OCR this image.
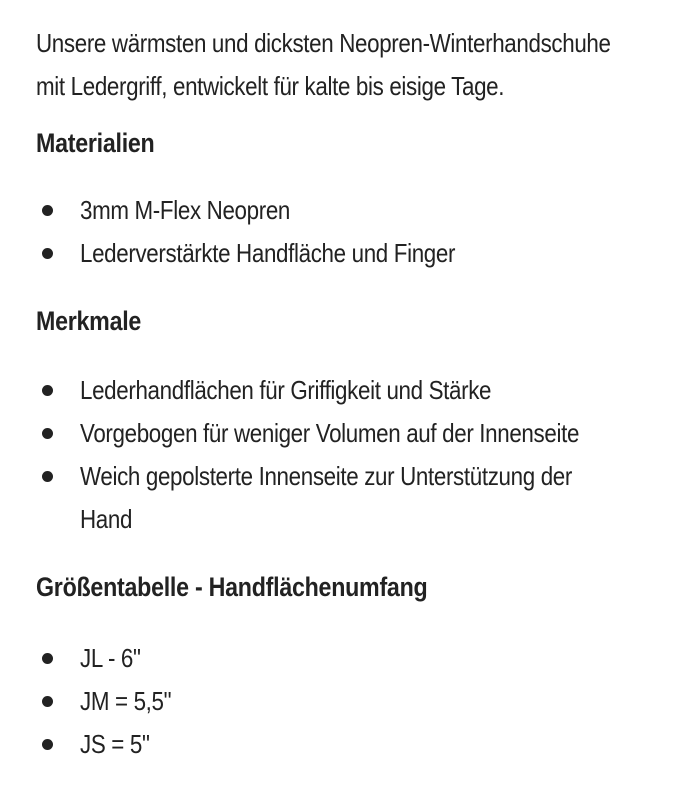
Unsere wärmsten und dicksten Neopren-Winterhandschuhe
mit Ledergriff, entwickelt für kalte bis eisige Tage.

Materialien
3mm M-Flex Neopren
Lederverstärkte Handfläche und Finger
Merkmale
Lederhandflächen für Griffigkeit und Stärke
Vorgebogen für weniger Volumen auf der Innenseite
Weich gepolsterte Innenseite zur Unterstützung der
Hand
Größentabelle - Handflächenumfang
JL - 6"
JM = 5,5"
JS = 5"
